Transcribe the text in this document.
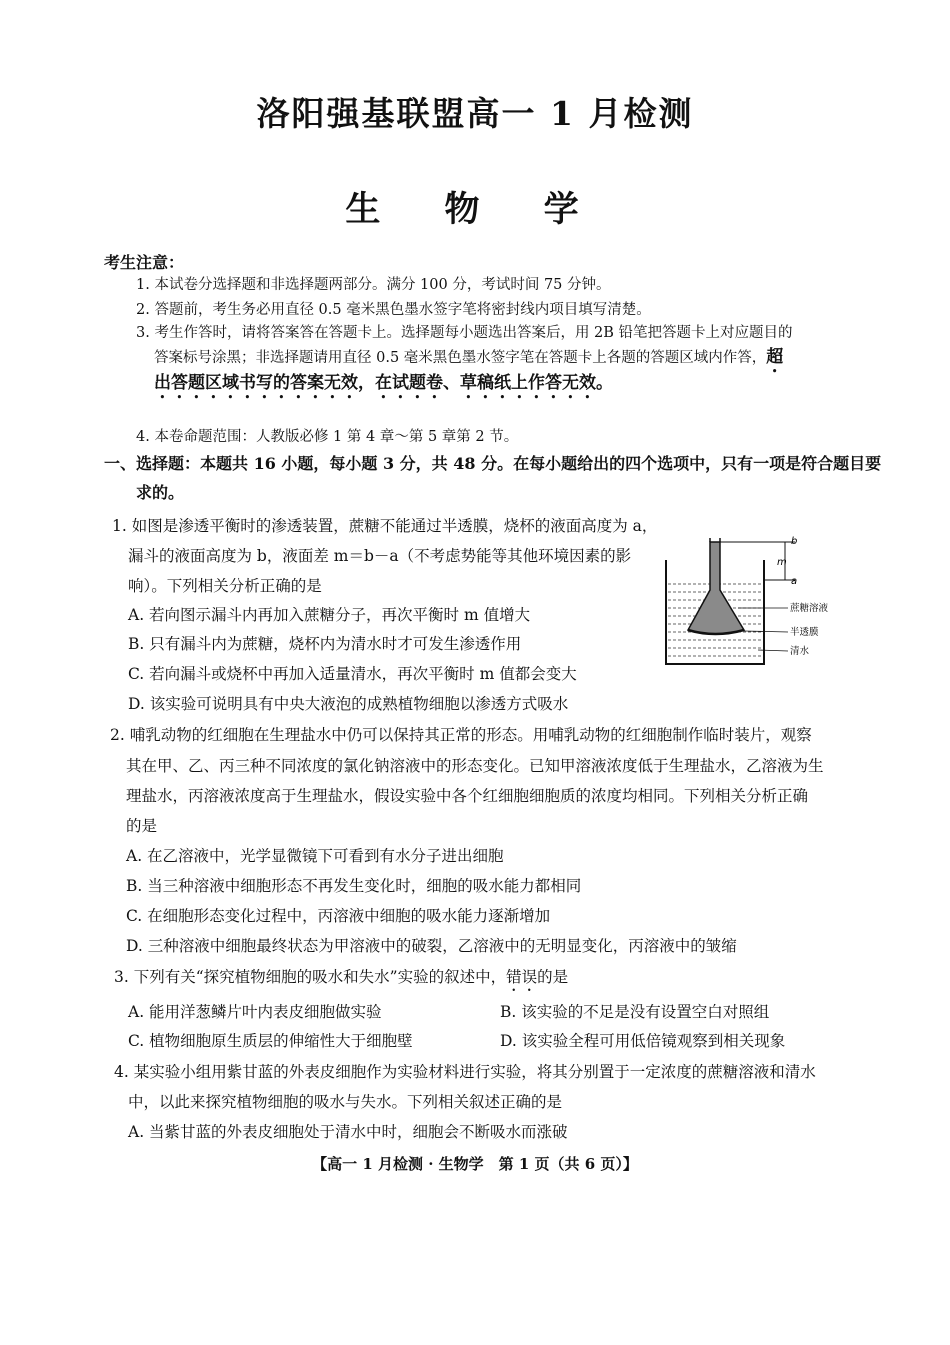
洛阳强基联盟高一 1 月检测
生 物 学
考生注意：
1. 本试卷分选择题和非选择题两部分。满分 100 分，考试时间 75 分钟。
2. 答题前，考生务必用直径 0.5 毫米黑色墨水签字笔将密封线内项目填写清楚。
3. 考生作答时，请将答案答在答题卡上。选择题每小题选出答案后，用 2B 铅笔把答题卡上对应题目的
答案标号涂黑；非选择题请用直径 0.5 毫米黑色墨水签字笔在答题卡上各题的答题区域内作答，超
出答题区域书写的答案无效，在试题卷、草稿纸上作答无效。
4. 本卷命题范围：人教版必修 1 第 4 章～第 5 章第 2 节。
一、选择题：本题共 16 小题，每小题 3 分，共 48 分。在每小题给出的四个选项中，只有一项是符合题目要
求的。
1. 如图是渗透平衡时的渗透装置，蔗糖不能通过半透膜，烧杯的液面高度为 a，
漏斗的液面高度为 b，液面差 m＝b－a（不考虑势能等其他环境因素的影
响）。下列相关分析正确的是
A. 若向图示漏斗内再加入蔗糖分子，再次平衡时 m 值增大
B. 只有漏斗内为蔗糖，烧杯内为清水时才可发生渗透作用
C. 若向漏斗或烧杯中再加入适量清水，再次平衡时 m 值都会变大
D. 该实验可说明具有中央大液泡的成熟植物细胞以渗透方式吸水
b
m
a
蔗糖溶液
半透膜
清水
2. 哺乳动物的红细胞在生理盐水中仍可以保持其正常的形态。用哺乳动物的红细胞制作临时装片，观察
其在甲、乙、丙三种不同浓度的氯化钠溶液中的形态变化。已知甲溶液浓度低于生理盐水，乙溶液为生
理盐水，丙溶液浓度高于生理盐水，假设实验中各个红细胞细胞质的浓度均相同。下列相关分析正确
的是
A. 在乙溶液中，光学显微镜下可看到有水分子进出细胞
B. 当三种溶液中细胞形态不再发生变化时，细胞的吸水能力都相同
C. 在细胞形态变化过程中，丙溶液中细胞的吸水能力逐渐增加
D. 三种溶液中细胞最终状态为甲溶液中的破裂，乙溶液中的无明显变化，丙溶液中的皱缩
3. 下列有关“探究植物细胞的吸水和失水”实验的叙述中，错误的是
A. 能用洋葱鳞片叶内表皮细胞做实验	B. 该实验的不足是没有设置空白对照组
C. 植物细胞原生质层的伸缩性大于细胞壁	D. 该实验全程可用低倍镜观察到相关现象
4. 某实验小组用紫甘蓝的外表皮细胞作为实验材料进行实验，将其分别置于一定浓度的蔗糖溶液和清水
中，以此来探究植物细胞的吸水与失水。下列相关叙述正确的是
A. 当紫甘蓝的外表皮细胞处于清水中时，细胞会不断吸水而涨破
【高一 1 月检测 · 生物学　第 1 页（共 6 页）】
